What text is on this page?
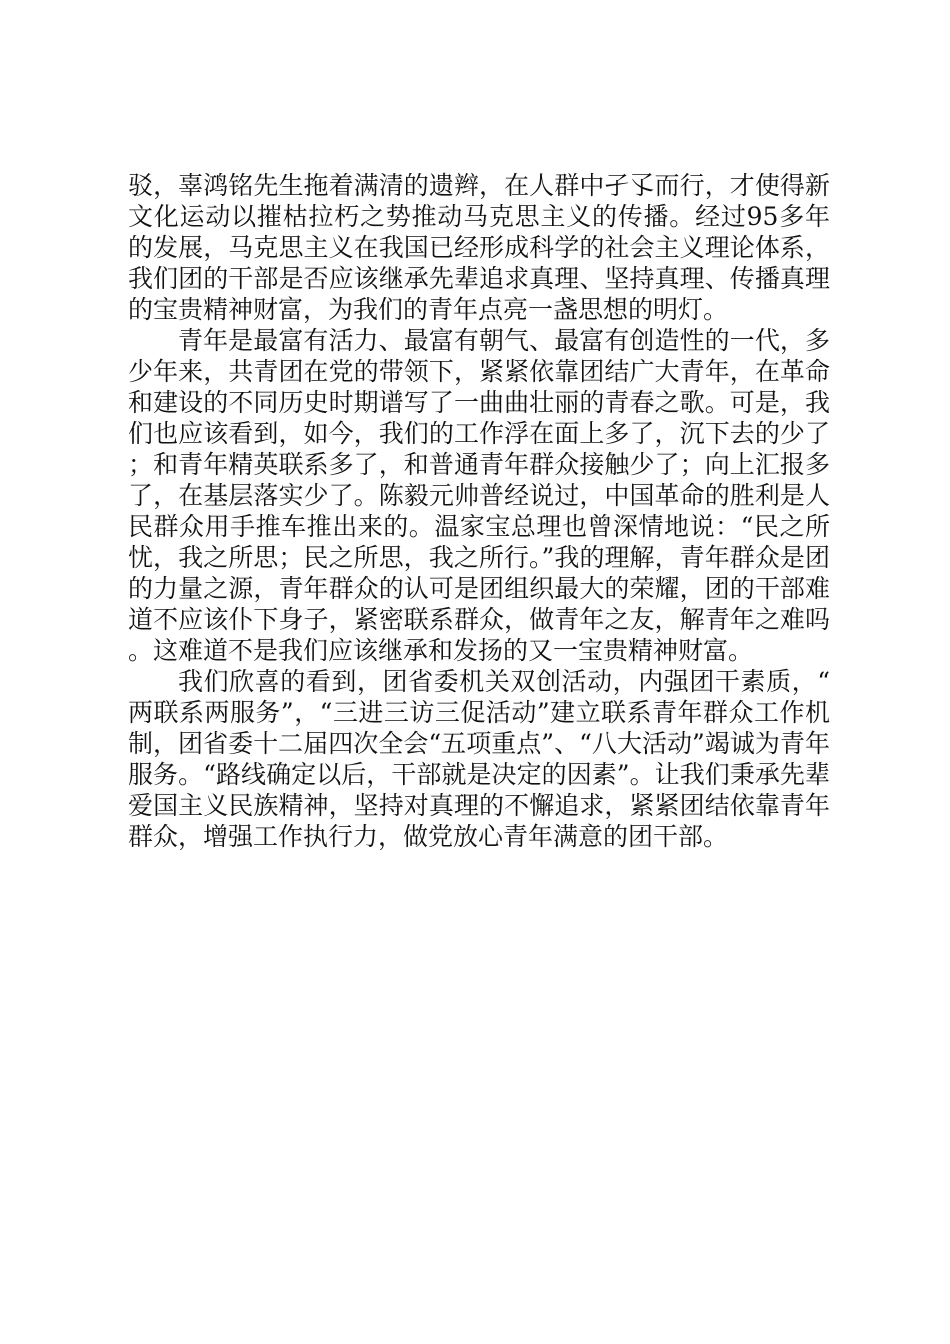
驳，辜鸿铭先生拖着满清的遗辫，在人群中孑孓而行，才使得新文化运动以摧枯拉朽之势推动马克思主义的传播。经过95多年的发展，马克思主义在我国已经形成科学的社会主义理论体系，我们团的干部是否应该继承先辈追求真理、坚持真理、传播真理的宝贵精神财富，为我们的青年点亮一盏思想的明灯。

青年是最富有活力、最富有朝气、最富有创造性的一代，多少年来，共青团在党的带领下，紧紧依靠团结广大青年，在革命和建设的不同历史时期谱写了一曲曲壮丽的青春之歌。可是，我们也应该看到，如今，我们的工作浮在面上多了，沉下去的少了；和青年精英联系多了，和普通青年群众接触少了；向上汇报多了，在基层落实少了。陈毅元帅普经说过，中国革命的胜利是人民群众用手推车推出来的。温家宝总理也曾深情地说：“民之所忧，我之所思；民之所思，我之所行。”我的理解，青年群众是团的力量之源，青年群众的认可是团组织最大的荣耀，团的干部难道不应该仆下身子，紧密联系群众，做青年之友，解青年之难吗。这难道不是我们应该继承和发扬的又一宝贵精神财富。

我们欣喜的看到，团省委机关双创活动，内强团干素质，“两联系两服务”，“三进三访三促活动”建立联系青年群众工作机制，团省委十二届四次全会“五项重点”、“八大活动”竭诚为青年服务。“路线确定以后，干部就是决定的因素”。让我们秉承先辈爱国主义民族精神，坚持对真理的不懈追求，紧紧团结依靠青年群众，增强工作执行力，做党放心青年满意的团干部。
